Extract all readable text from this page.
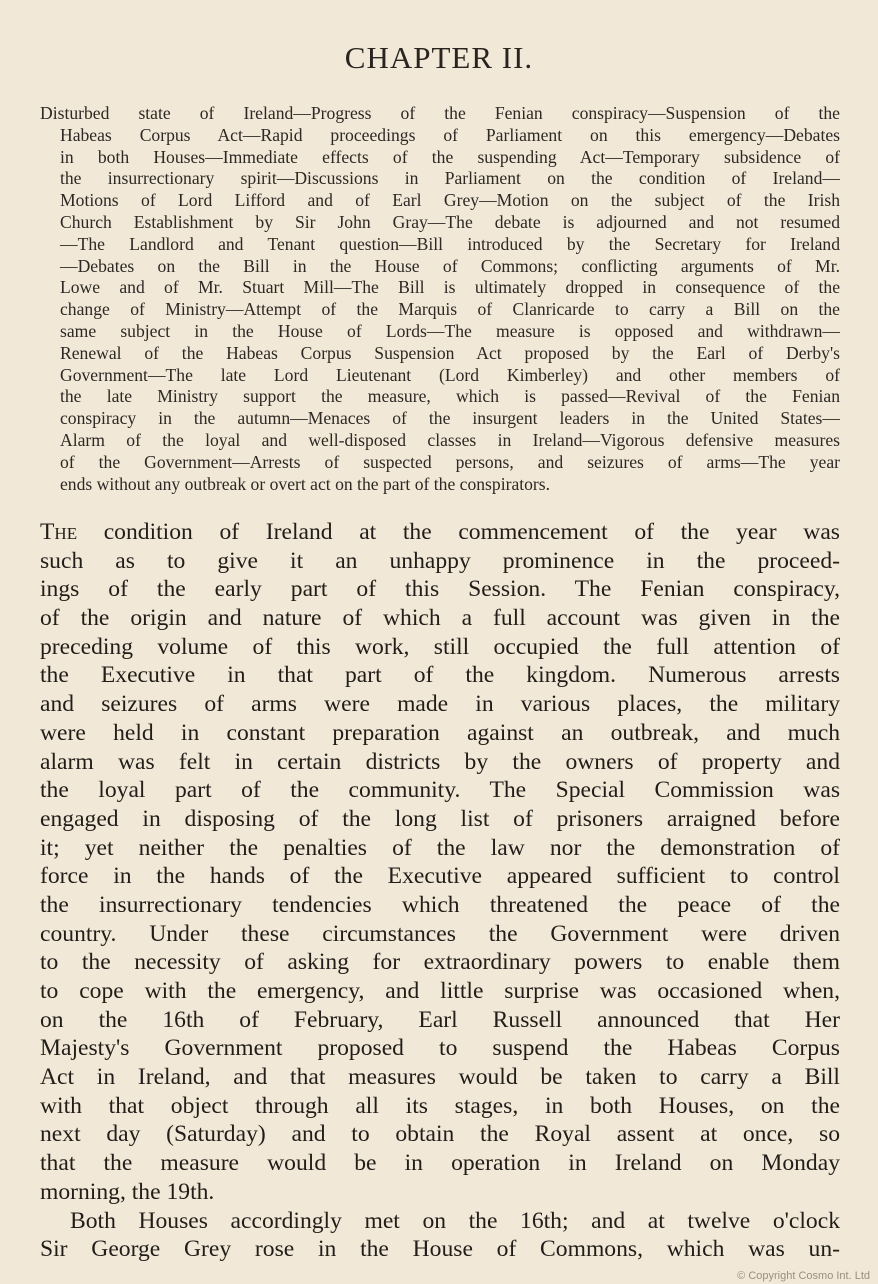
CHAPTER II.
Disturbed state of Ireland—Progress of the Fenian conspiracy—Suspension of the
Habeas Corpus Act—Rapid proceedings of Parliament on this emergency—Debates
in both Houses—Immediate effects of the suspending Act—Temporary subsidence of
the insurrectionary spirit—Discussions in Parliament on the condition of Ireland—
Motions of Lord Lifford and of Earl Grey—Motion on the subject of the Irish
Church Establishment by Sir John Gray—The debate is adjourned and not resumed
—The Landlord and Tenant question—Bill introduced by the Secretary for Ireland
—Debates on the Bill in the House of Commons; conflicting arguments of Mr.
Lowe and of Mr. Stuart Mill—The Bill is ultimately dropped in consequence of the
change of Ministry—Attempt of the Marquis of Clanricarde to carry a Bill on the
same subject in the House of Lords—The measure is opposed and withdrawn—
Renewal of the Habeas Corpus Suspension Act proposed by the Earl of Derby's
Government—The late Lord Lieutenant (Lord Kimberley) and other members of
the late Ministry support the measure, which is passed—Revival of the Fenian
conspiracy in the autumn—Menaces of the insurgent leaders in the United States—
Alarm of the loyal and well-disposed classes in Ireland—Vigorous defensive measures
of the Government—Arrests of suspected persons, and seizures of arms—The year
ends without any outbreak or overt act on the part of the conspirators.
The condition of Ireland at the commencement of the year was
such as to give it an unhappy prominence in the proceed-
ings of the early part of this Session. The Fenian conspiracy,
of the origin and nature of which a full account was given in the
preceding volume of this work, still occupied the full attention of
the Executive in that part of the kingdom. Numerous arrests
and seizures of arms were made in various places, the military
were held in constant preparation against an outbreak, and much
alarm was felt in certain districts by the owners of property and
the loyal part of the community. The Special Commission was
engaged in disposing of the long list of prisoners arraigned before
it; yet neither the penalties of the law nor the demonstration of
force in the hands of the Executive appeared sufficient to control
the insurrectionary tendencies which threatened the peace of the
country. Under these circumstances the Government were driven
to the necessity of asking for extraordinary powers to enable them
to cope with the emergency, and little surprise was occasioned when,
on the 16th of February, Earl Russell announced that Her
Majesty's Government proposed to suspend the Habeas Corpus
Act in Ireland, and that measures would be taken to carry a Bill
with that object through all its stages, in both Houses, on the
next day (Saturday) and to obtain the Royal assent at once, so
that the measure would be in operation in Ireland on Monday
morning, the 19th.
Both Houses accordingly met on the 16th; and at twelve o'clock
Sir George Grey rose in the House of Commons, which was un-
© Copyright Cosmo Int. Ltd
